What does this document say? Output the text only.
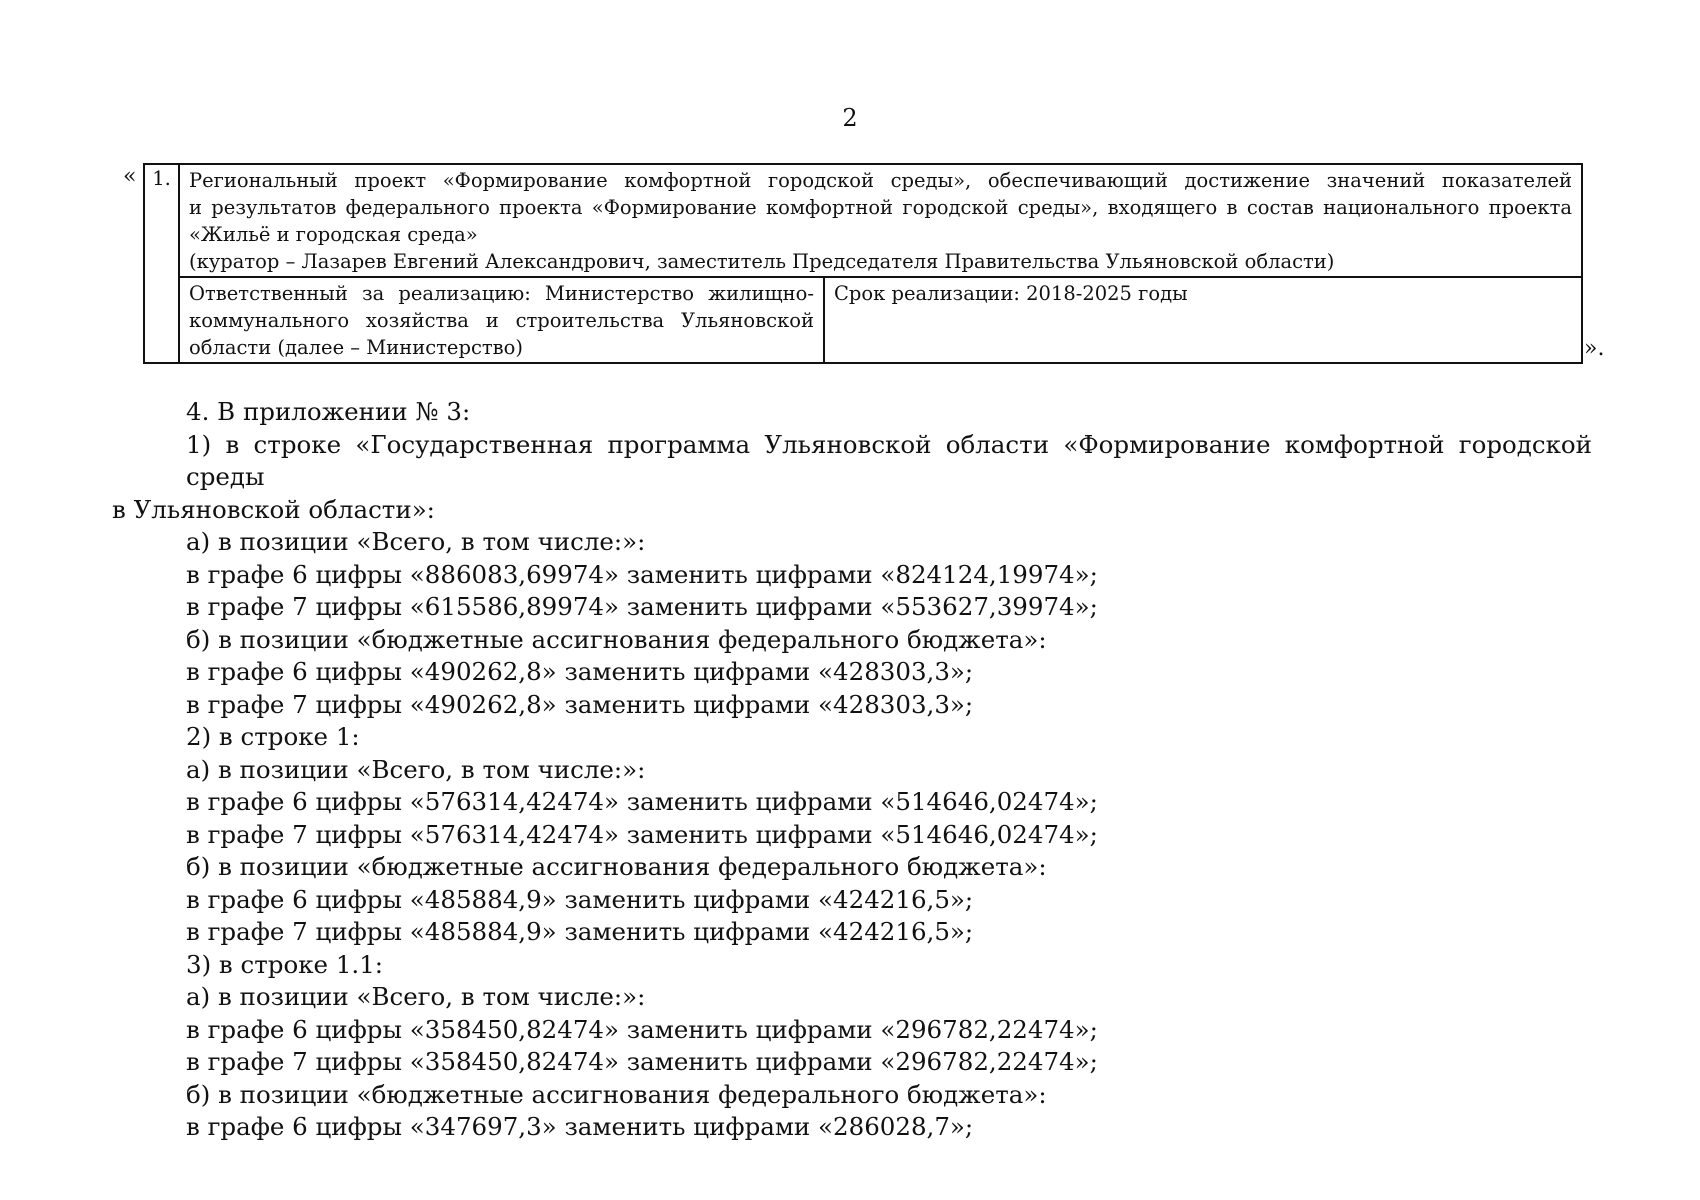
2
« 1.	Региональный проект «Формирование комфортной городской среды», обеспечивающий достижение значений показателей
и результатов федерального проекта «Формирование комфортной городской среды», входящего в состав национального проекта
«Жильё и городская среда»
(куратор – Лазарев Евгений Александрович, заместитель Председателя Правительства Ульяновской области)	

	Ответственный за реализацию: Министерство жилищно-
коммунального хозяйства и строительства Ульяновской
области (далее – Министерство)	Срок реализации: 2018-2025 годы
».

4. В приложении № 3:

1) в строке «Государственная программа Ульяновской области «Формирование комфортной городской среды

в Ульяновской области»:

а) в позиции «Всего, в том числе:»:

в графе 6 цифры «886083,69974» заменить цифрами «824124,19974»;

в графе 7 цифры «615586,89974» заменить цифрами «553627,39974»;

б) в позиции «бюджетные ассигнования федерального бюджета»:

в графе 6 цифры «490262,8» заменить цифрами «428303,3»;

в графе 7 цифры «490262,8» заменить цифрами «428303,3»;

2) в строке 1:

а) в позиции «Всего, в том числе:»:

в графе 6 цифры «576314,42474» заменить цифрами «514646,02474»;

в графе 7 цифры «576314,42474» заменить цифрами «514646,02474»;

б) в позиции «бюджетные ассигнования федерального бюджета»:

в графе 6 цифры «485884,9» заменить цифрами «424216,5»;

в графе 7 цифры «485884,9» заменить цифрами «424216,5»;

3) в строке 1.1:

а) в позиции «Всего, в том числе:»:

в графе 6 цифры «358450,82474» заменить цифрами «296782,22474»;

в графе 7 цифры «358450,82474» заменить цифрами «296782,22474»;

б) в позиции «бюджетные ассигнования федерального бюджета»:

в графе 6 цифры «347697,3» заменить цифрами «286028,7»;
